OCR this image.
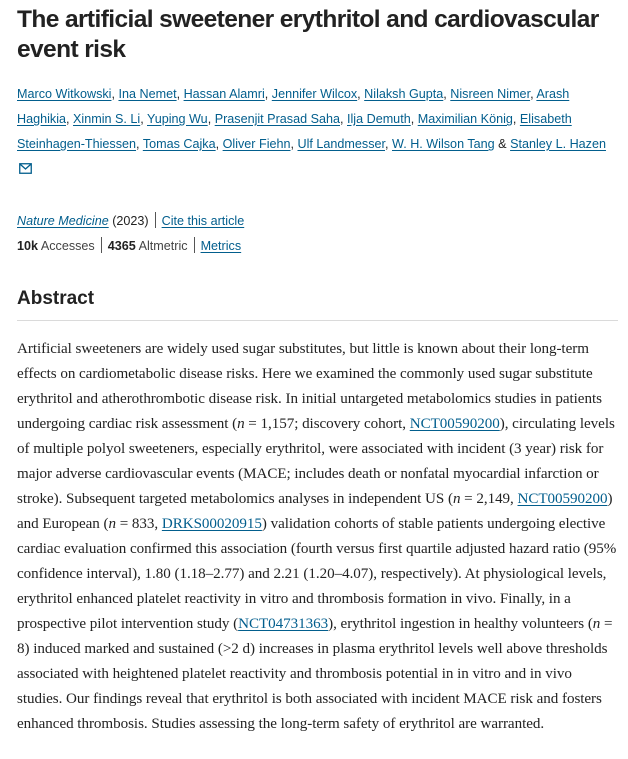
The artificial sweetener erythritol and cardiovascular event risk
Marco Witkowski, Ina Nemet, Hassan Alamri, Jennifer Wilcox, Nilaksh Gupta, Nisreen Nimer, Arash Haghikia, Xinmin S. Li, Yuping Wu, Prasenjit Prasad Saha, Ilja Demuth, Maximilian König, Elisabeth Steinhagen-Thiessen, Tomas Cajka, Oliver Fiehn, Ulf Landmesser, W. H. Wilson Tang & Stanley L. Hazen
Nature Medicine (2023) Cite this article
10k Accesses 4365 Altmetric Metrics
Abstract

Artificial sweeteners are widely used sugar substitutes, but little is known about their long-term effects on cardiometabolic disease risks. Here we examined the commonly used sugar substitute erythritol and atherothrombotic disease risk. In initial untargeted metabolomics studies in patients undergoing cardiac risk assessment (n = 1,157; discovery cohort, NCT00590200), circulating levels of multiple polyol sweeteners, especially erythritol, were associated with incident (3 year) risk for major adverse cardiovascular events (MACE; includes death or nonfatal myocardial infarction or stroke). Subsequent targeted metabolomics analyses in independent US (n = 2,149, NCT00590200) and European (n = 833, DRKS00020915) validation cohorts of stable patients undergoing elective cardiac evaluation confirmed this association (fourth versus first quartile adjusted hazard ratio (95% confidence interval), 1.80 (1.18–2.77) and 2.21 (1.20–4.07), respectively). At physiological levels, erythritol enhanced platelet reactivity in vitro and thrombosis formation in vivo. Finally, in a prospective pilot intervention study (NCT04731363), erythritol ingestion in healthy volunteers (n = 8) induced marked and sustained (>2 d) increases in plasma erythritol levels well above thresholds associated with heightened platelet reactivity and thrombosis potential in in vitro and in vivo studies. Our findings reveal that erythritol is both associated with incident MACE risk and fosters enhanced thrombosis. Studies assessing the long-term safety of erythritol are warranted.
